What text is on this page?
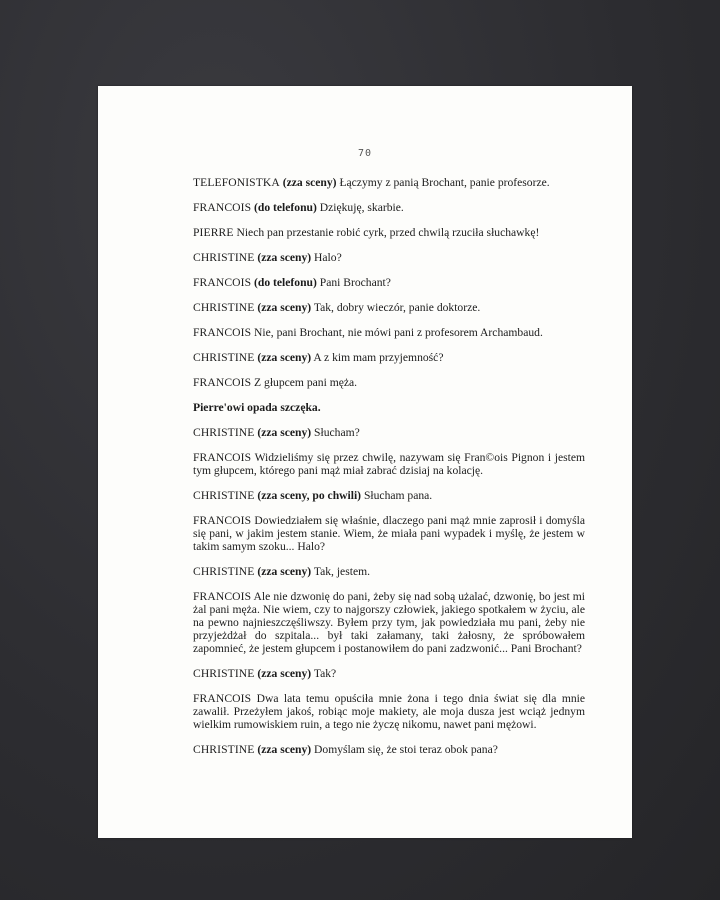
70

TELEFONISTKA (zza sceny) Łączymy z panią Brochant, panie profesorze.

FRANCOIS (do telefonu) Dziękuję, skarbie.

PIERRE Niech pan przestanie robić cyrk, przed chwilą rzuciła słuchawkę!

CHRISTINE (zza sceny) Halo?

FRANCOIS (do telefonu) Pani Brochant?

CHRISTINE (zza sceny) Tak, dobry wieczór, panie doktorze.

FRANCOIS Nie, pani Brochant, nie mówi pani z profesorem Archambaud.

CHRISTINE (zza sceny) A z kim mam przyjemność?

FRANCOIS Z głupcem pani męża.

Pierre'owi opada szczęka.

CHRISTINE (zza sceny) Słucham?

FRANCOIS Widzieliśmy się przez chwilę, nazywam się Fran©ois Pignon i jestem tym głupcem, którego pani mąż miał zabrać dzisiaj na kolację.

CHRISTINE (zza sceny, po chwili) Słucham pana.

FRANCOIS Dowiedziałem się właśnie, dlaczego pani mąż mnie zaprosił i domyśla się pani, w jakim jestem stanie. Wiem, że miała pani wypadek i myślę, że jestem w takim samym szoku... Halo?

CHRISTINE (zza sceny) Tak, jestem.

FRANCOIS Ale nie dzwonię do pani, żeby się nad sobą użalać, dzwonię, bo jest mi żal pani męża. Nie wiem, czy to najgorszy człowiek, jakiego spotkałem w życiu, ale na pewno najnieszczęśliwszy. Byłem przy tym, jak powiedziała mu pani, żeby nie przyjeżdżał do szpitala... był taki załamany, taki żałosny, że spróbowałem zapomnieć, że jestem głupcem i postanowiłem do pani zadzwonić... Pani Brochant?

CHRISTINE (zza sceny) Tak?

FRANCOIS Dwa lata temu opuściła mnie żona i tego dnia świat się dla mnie zawalił. Przeżyłem jakoś, robiąc moje makiety, ale moja dusza jest wciąż jednym wielkim rumowiskiem ruin, a tego nie życzę nikomu, nawet pani mężowi.

CHRISTINE (zza sceny) Domyślam się, że stoi teraz obok pana?
